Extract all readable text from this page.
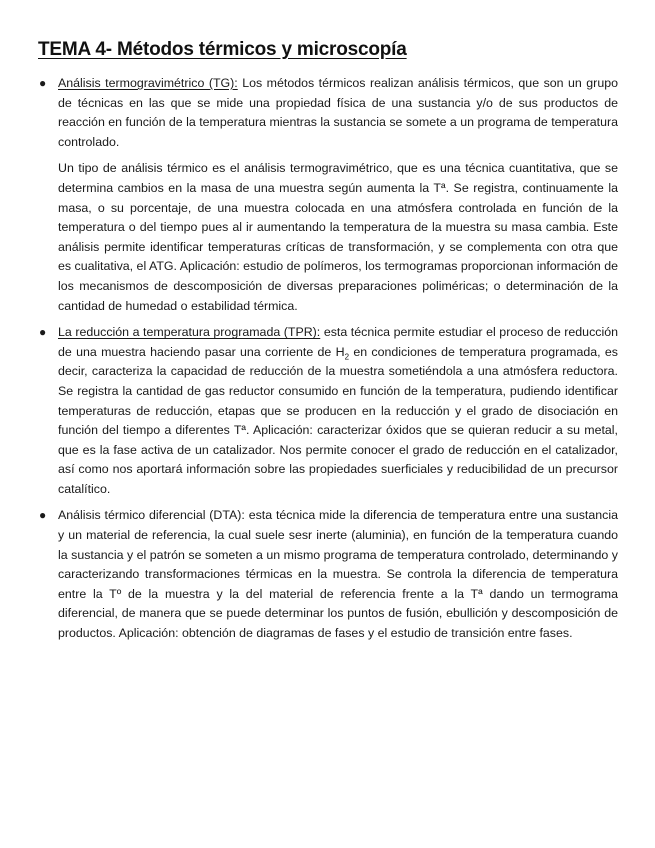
TEMA 4- Métodos térmicos y microscopía
● Análisis termogravimétrico (TG): Los métodos térmicos realizan análisis térmicos, que son un grupo de técnicas en las que se mide una propiedad física de una sustancia y/o de sus productos de reacción en función de la temperatura mientras la sustancia se somete a un programa de temperatura controlado.

Un tipo de análisis térmico es el análisis termogravimétrico, que es una técnica cuantitativa, que se determina cambios en la masa de una muestra según aumenta la Tª. Se registra, continuamente la masa, o su porcentaje, de una muestra colocada en una atmósfera controlada en función de la temperatura o del tiempo pues al ir aumentando la temperatura de la muestra su masa cambia. Este análisis permite identificar temperaturas críticas de transformación, y se complementa con otra que es cualitativa, el ATG. Aplicación: estudio de polímeros, los termogramas proporcionan información de los mecanismos de descomposición de diversas preparaciones poliméricas; o determinación de la cantidad de humedad o estabilidad térmica.

● La reducción a temperatura programada (TPR): esta técnica permite estudiar el proceso de reducción de una muestra haciendo pasar una corriente de $H_2$ en condiciones de temperatura programada, es decir, caracteriza la capacidad de reducción de la muestra sometiéndola a una atmósfera reductora. Se registra la cantidad de gas reductor consumido en función de la temperatura, pudiendo identificar temperaturas de reducción, etapas que se producen en la reducción y el grado de disociación en función del tiempo a diferentes Tª. Aplicación: caracterizar óxidos que se quieran reducir a su metal, que es la fase activa de un catalizador. Nos permite conocer el grado de reducción en el catalizador, así como nos aportará información sobre las propiedades suerficiales y reducibilidad de un precursor catalítico.

● Análisis térmico diferencial (DTA): esta técnica mide la diferencia de temperatura entre una sustancia y un material de referencia, la cual suele sesr inerte (aluminia), en función de la temperatura cuando la sustancia y el patrón se someten a un mismo programa de temperatura controlado, determinando y caracterizando transformaciones térmicas en la muestra. Se controla la diferencia de temperatura entre la Tº de la muestra y la del material de referencia frente a la Tª dando un termograma diferencial, de manera que se puede determinar los puntos de fusión, ebullición y descomposición de productos. Aplicación: obtención de diagramas de fases y el estudio de transición entre fases.
